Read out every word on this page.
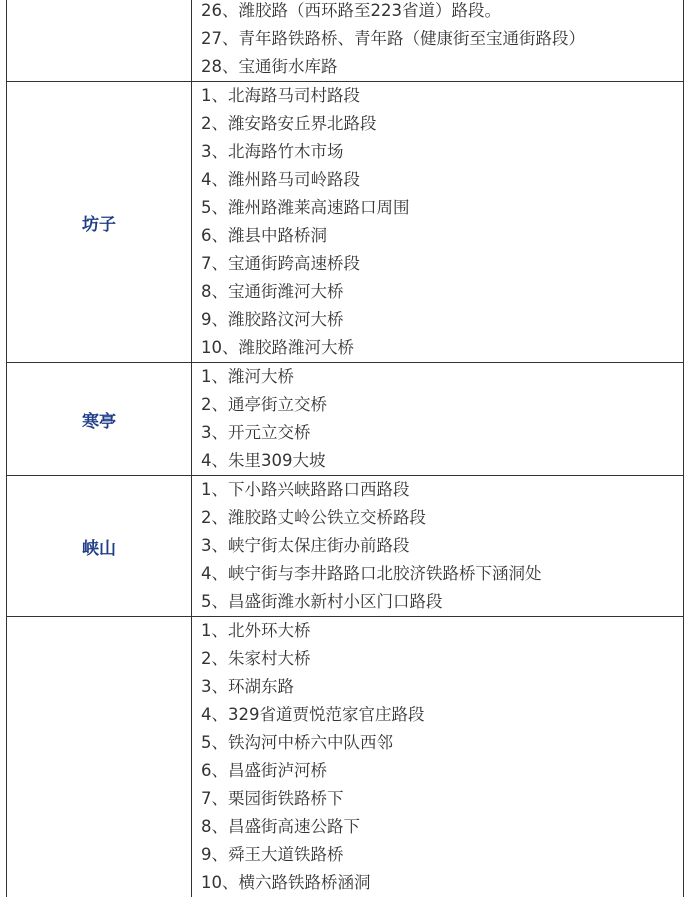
26、潍胶路（西环路至223省道）路段。
27、青年路铁路桥、青年路（健康街至宝通街路段）
28、宝通街水库路
坊子
1、北海路马司村路段
2、潍安路安丘界北路段
3、北海路竹木市场
4、潍州路马司岭路段
5、潍州路潍莱高速路口周围
6、潍县中路桥洞
7、宝通街跨高速桥段
8、宝通街潍河大桥
9、潍胶路汶河大桥
10、潍胶路潍河大桥
寒亭
1、潍河大桥
2、通亭街立交桥
3、开元立交桥
4、朱里309大坡
峡山
1、下小路兴峡路路口西路段
2、潍胶路丈岭公铁立交桥路段
3、峡宁街太保庄街办前路段
4、峡宁街与李井路路口北胶济铁路桥下涵洞处
5、昌盛街潍水新村小区门口路段
1、北外环大桥
2、朱家村大桥
3、环湖东路
4、329省道贾悦范家官庄路段
5、铁沟河中桥六中队西邻
6、昌盛街泸河桥
7、栗园街铁路桥下
8、昌盛街高速公路下
9、舜王大道铁路桥
10、横六路铁路桥涵洞
